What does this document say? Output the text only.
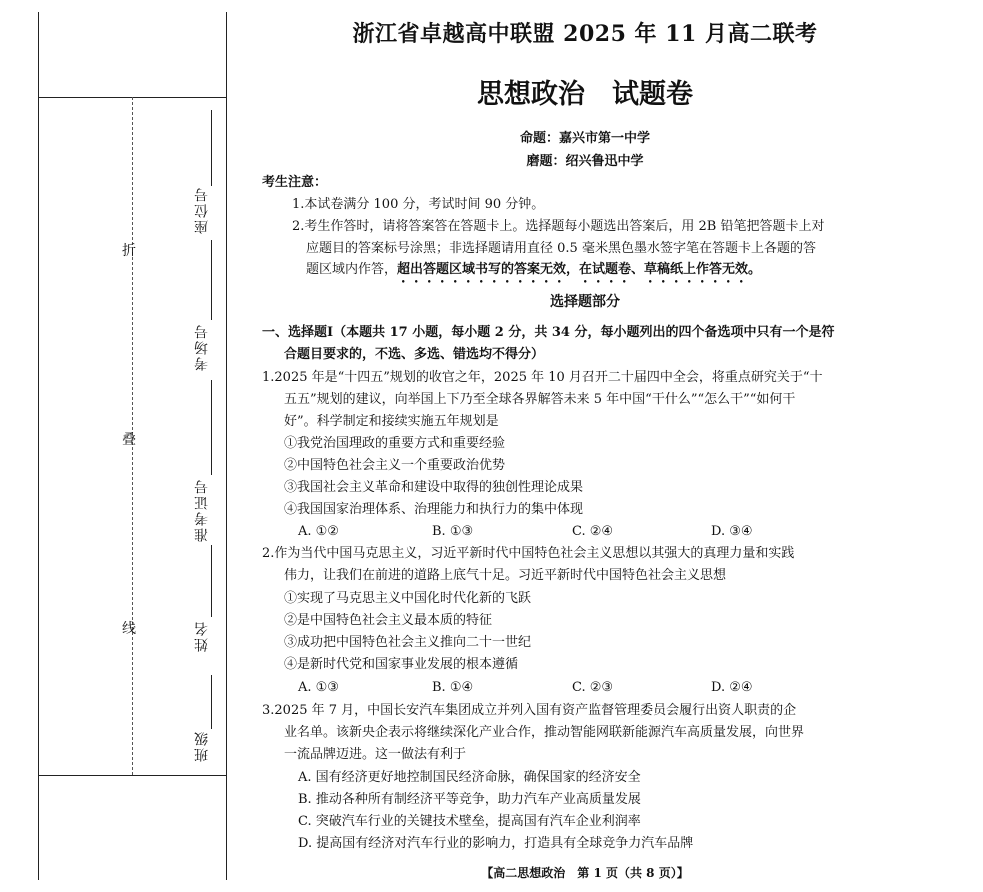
折
叠
线
座位号
考场号
准考证号
姓名
班级
浙江省卓越高中联盟 2025 年 11 月高二联考
思想政治　试题卷
命题：嘉兴市第一中学
磨题：绍兴鲁迅中学
考生注意：
1.本试卷满分 100 分，考试时间 90 分钟。
2.考生作答时，请将答案答在答题卡上。选择题每小题选出答案后，用 2B 铅笔把答题卡上对
应题目的答案标号涂黑；非选择题请用直径 0.5 毫米黑色墨水签字笔在答题卡上各题的答
题区域内作答，超出答题区域书写的答案无效，在试题卷、草稿纸上作答无效。
选择题部分
一、选择题Ⅰ（本题共 17 小题，每小题 2 分，共 34 分，每小题列出的四个备选项中只有一个是符
合题目要求的，不选、多选、错选均不得分）
1.2025 年是“十四五”规划的收官之年，2025 年 10 月召开二十届四中全会，将重点研究关于“十
五五”规划的建议，向举国上下乃至全球各界解答未来 5 年中国“干什么”“怎么干”“如何干
好”。科学制定和接续实施五年规划是
①我党治国理政的重要方式和重要经验
②中国特色社会主义一个重要政治优势
③我国社会主义革命和建设中取得的独创性理论成果
④我国国家治理体系、治理能力和执行力的集中体现
A. ①②	B. ①③	C. ②④	D. ③④
2.作为当代中国马克思主义，习近平新时代中国特色社会主义思想以其强大的真理力量和实践
伟力，让我们在前进的道路上底气十足。习近平新时代中国特色社会主义思想
①实现了马克思主义中国化时代化新的飞跃
②是中国特色社会主义最本质的特征
③成功把中国特色社会主义推向二十一世纪
④是新时代党和国家事业发展的根本遵循
A. ①③	B. ①④	C. ②③	D. ②④
3.2025 年 7 月，中国长安汽车集团成立并列入国有资产监督管理委员会履行出资人职责的企
业名单。该新央企表示将继续深化产业合作，推动智能网联新能源汽车高质量发展，向世界
一流品牌迈进。这一做法有利于
A. 国有经济更好地控制国民经济命脉，确保国家的经济安全
B. 推动各种所有制经济平等竞争，助力汽车产业高质量发展
C. 突破汽车行业的关键技术壁垒，提高国有汽车企业利润率
D. 提高国有经济对汽车行业的影响力，打造具有全球竞争力汽车品牌
【高二思想政治　第 1 页（共 8 页）】
